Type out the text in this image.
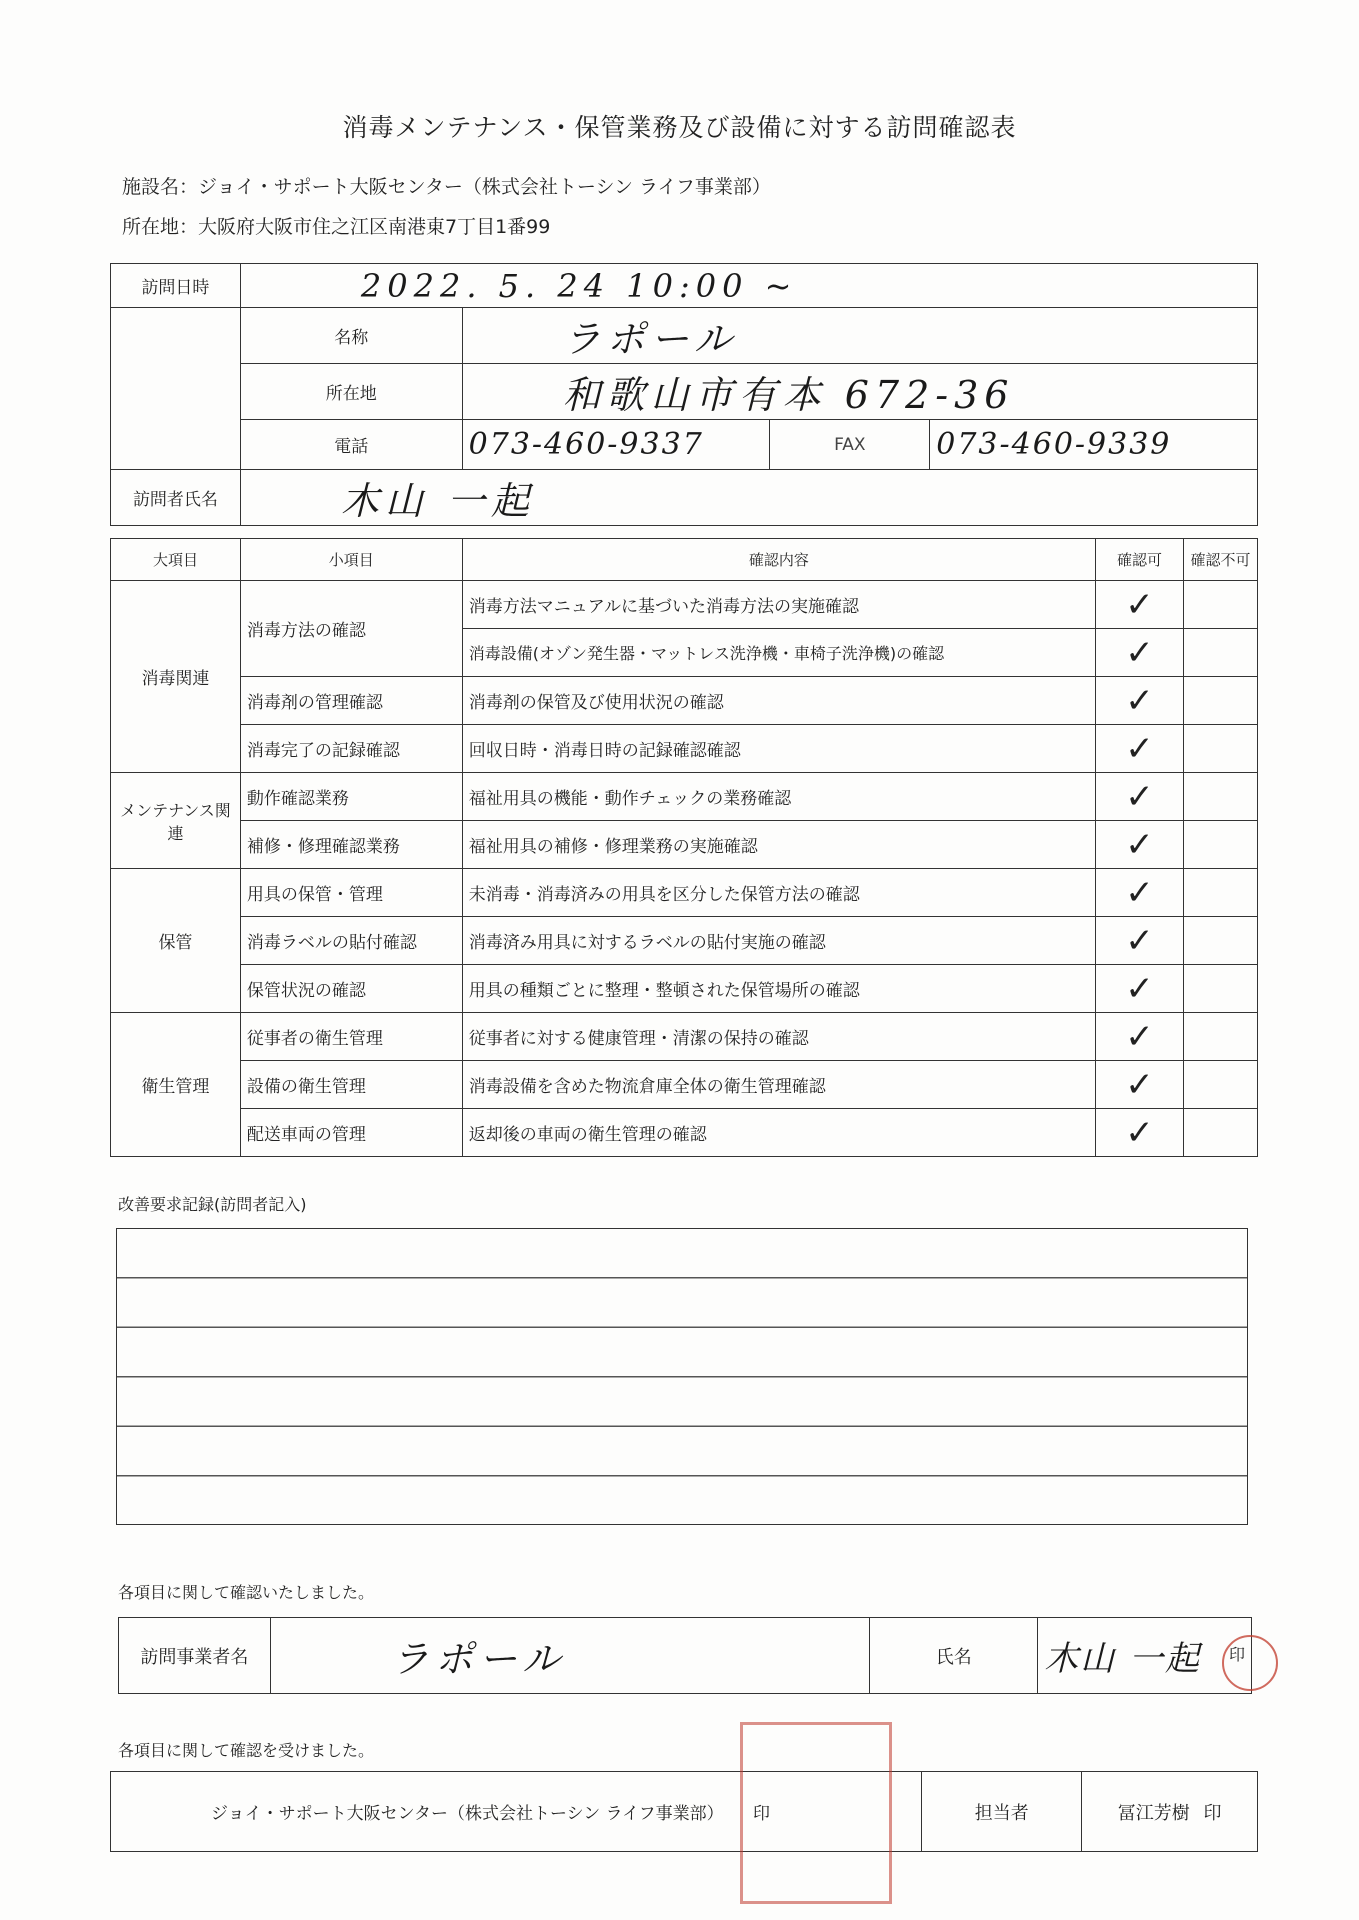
消毒メンテナンス・保管業務及び設備に対する訪問確認表
施設名：ジョイ・サポート大阪センター（株式会社トーシン ライフ事業部）
所在地：大阪府大阪市住之江区南港東7丁目1番99
訪問日時	2022. 5. 24 10:00 ~			
	名称	ラポール		
	所在地	和歌山市有本 672-36		
	電話	073-460-9337	FAX	073-460-9339
訪問者氏名	木山 一起			
大項目	小項目	確認内容	確認可	確認不可
消毒関連	消毒方法の確認	消毒方法マニュアルに基づいた消毒方法の実施確認	✓	
		消毒設備(オゾン発生器・マットレス洗浄機・車椅子洗浄機)の確認	✓	
	消毒剤の管理確認	消毒剤の保管及び使用状況の確認	✓	
	消毒完了の記録確認	回収日時・消毒日時の記録確認確認	✓	
メンテナンス関連	動作確認業務	福祉用具の機能・動作チェックの業務確認	✓	
	補修・修理確認業務	福祉用具の補修・修理業務の実施確認	✓	
保管	用具の保管・管理	未消毒・消毒済みの用具を区分した保管方法の確認	✓	
	消毒ラベルの貼付確認	消毒済み用具に対するラベルの貼付実施の確認	✓	
	保管状況の確認	用具の種類ごとに整理・整頓された保管場所の確認	✓	
衛生管理	従事者の衛生管理	従事者に対する健康管理・清潔の保持の確認	✓	
	設備の衛生管理	消毒設備を含めた物流倉庫全体の衛生管理確認	✓	
	配送車両の管理	返却後の車両の衛生管理の確認	✓	
改善要求記録(訪問者記入)
各項目に関して確認いたしました。
訪問事業者名	ラポール	氏名	木山 一起 印
各項目に関して確認を受けました。
ジョイ・サポート大阪センター（株式会社トーシン ライフ事業部） 印	担当者	冨江芳樹 印
